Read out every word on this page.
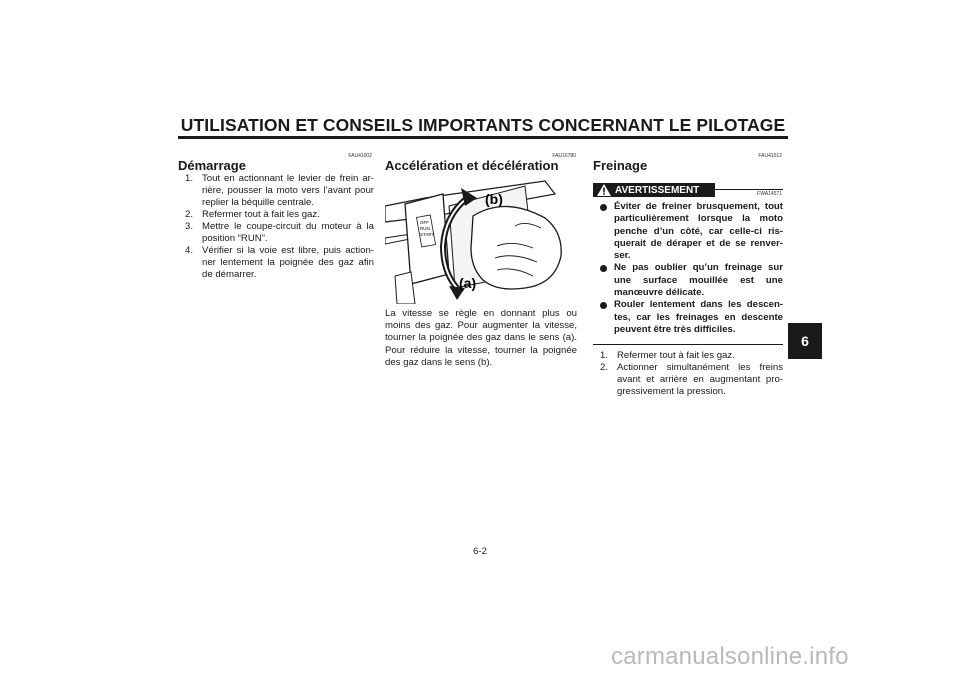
UTILISATION ET CONSEILS IMPORTANTS CONCERNANT LE PILOTAGE
FAU41002
Démarrage
1. Tout en actionnant le levier de frein ar-
rière, pousser la moto vers l’avant pour
replier la béquille centrale.
2. Refermer tout à fait les gaz.
3. Mettre le coupe-circuit du moteur à la
position “RUN”.
4. Vérifier si la voie est libre, puis action-
ner lentement la poignée des gaz afin
de démarrer.
FAU16780
Accélération et décélération
OFF
RUN
START
(b)
(a)
La vitesse se règle en donnant plus ou
moins des gaz. Pour augmenter la vitesse,
tourner la poignée des gaz dans le sens (a).
Pour réduire la vitesse, tourner la poignée
des gaz dans le sens (b).
FAU41012
Freinage
AVERTISSEMENT	FWA14571
Éviter de freiner brusquement, tout
particulièrement lorsque la moto
penche d’un côté, car celle-ci ris-
querait de déraper et de se renver-
ser.
Ne pas oublier qu’un freinage sur
une surface mouillée est une
manœuvre délicate.
Rouler lentement dans les descen-
tes, car les freinages en descente
peuvent être très difficiles.
1. Refermer tout à fait les gaz.
2. Actionner simultanément les freins
avant et arrière en augmentant pro-
gressivement la pression.
6
6-2
carmanualsonline.info
